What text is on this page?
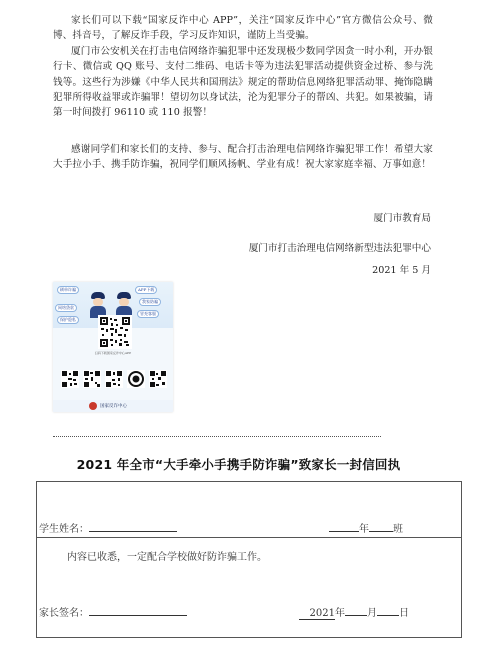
家长们可以下载“国家反诈中心 APP”，关注“国家反诈中心”官方微信公众号、微博、抖音号，了解反诈手段，学习反诈知识，谨防上当受骗。

厦门市公安机关在打击电信网络诈骗犯罪中还发现极少数同学因贪一时小利，开办银行卡、微信或 QQ 账号、支付二维码、电话卡等为违法犯罪活动提供资金过桥、参与洗钱等。这些行为涉嫌《中华人民共和国刑法》规定的帮助信息网络犯罪活动罪、掩饰隐瞒犯罪所得收益罪或诈骗罪！望切勿以身试法，沦为犯罪分子的帮凶、共犯。如果被骗，请第一时间拨打 96110 或 110 报警！

感谢同学们和家长们的支持、参与、配合打击治理电信网络诈骗犯罪工作！希望大家大手拉小手、携手防诈骗，祝同学们顺风扬帆、学业有成！祝大家家庭幸福、万事如意！

厦门市教育局
厦门市打击治理电信网络新型违法犯罪中心
2021 年 5 月
刷单诈骗	APP下载
网络贷款
我家防骗
冒充客服
保护隐私
扫码下载国家反诈中心APP
国家反诈中心
2021 年全市“大手牵小手携手防诈骗”致家长一封信回执
学生姓名：	年 班
内容已收悉，一定配合学校做好防诈骗工作。
家长签名：	2021年 月 日
